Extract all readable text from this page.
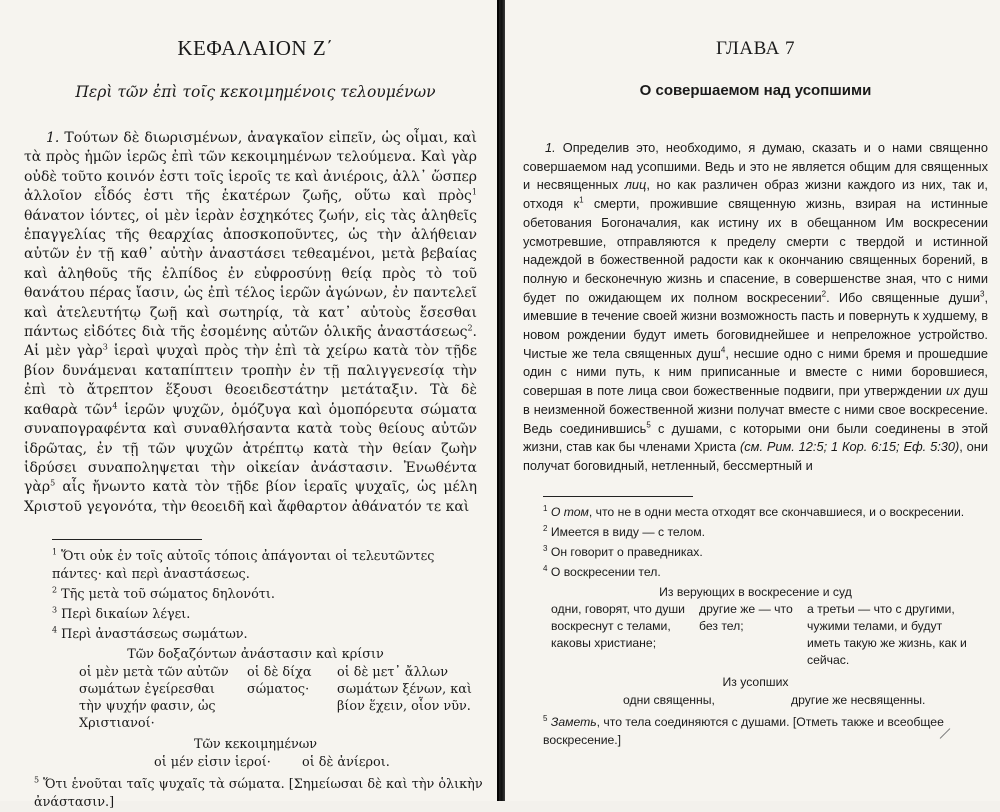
ΚΕΦΑΛΑΙΟΝ Ζ΄
Περὶ τῶν ἐπὶ τοῖς κεκοιμημένοις τελουμένων

1. Τούτων δὲ διωρισμένων, ἀναγκαῖον εἰπεῖν, ὡς οἶμαι, καὶ τὰ πρὸς ἡμῶν ἱερῶς ἐπὶ τῶν κεκοιμημένων τελούμενα. Καὶ γὰρ οὐδὲ τοῦτο κοινόν ἐστι τοῖς ἱεροῖς τε καὶ ἀνιέροις, ἀλλ᾽ ὥσπερ ἀλλοῖον εἶδός ἐστι τῆς ἑκατέρων ζωῆς, οὕτω καὶ πρὸς$^1$ θάνατον ἰόντες, οἱ μὲν ἱερὰν ἐσχηκότες ζωήν, εἰς τὰς ἀληθεῖς ἐπαγγελίας τῆς θεαρχίας ἀποσκοποῦντες, ὡς τὴν ἀλήθειαν αὐτῶν ἐν τῇ καθ᾽ αὐτὴν ἀναστάσει τεθεαμένοι, μετὰ βεβαίας καὶ ἀληθοῦς τῆς ἐλπίδος ἐν εὐφροσύνῃ θείᾳ πρὸς τὸ τοῦ θανάτου πέρας ἴασιν, ὡς ἐπὶ τέλος ἱερῶν ἀγώνων, ἐν παντελεῖ καὶ ἀτελευτήτῳ ζωῇ καὶ σωτηρίᾳ, τὰ κατ᾽ αὐτοὺς ἔσεσθαι πάντως εἰδότες διὰ τῆς ἐσομένης αὐτῶν ὁλικῆς ἀναστάσεως$^2$. Αἱ μὲν γὰρ$^3$ ἱεραὶ ψυχαὶ πρὸς τὴν ἐπὶ τὰ χείρω κατὰ τὸν τῇδε βίον δυνάμεναι καταπίπτειν τροπὴν ἐν τῇ παλιγγενεσίᾳ τὴν ἐπὶ τὸ ἄτρεπτον ἕξουσι θεοειδεστάτην μετάταξιν. Τὰ δὲ καθαρὰ τῶν$^4$ ἱερῶν ψυχῶν, ὁμόζυγα καὶ ὁμοπόρευτα σώματα συναπογραφέντα καὶ συναθλήσαντα κατὰ τοὺς θείους αὐτῶν ἱδρῶτας, ἐν τῇ τῶν ψυχῶν ἀτρέπτῳ κατὰ τὴν θείαν ζωὴν ἱδρύσει συναποληψεται τὴν οἰκείαν ἀνάστασιν. Ἐνωθέντα γὰρ$^5$ αἷς ἤνωντο κατὰ τὸν τῇδε βίον ἱεραῖς ψυχαῖς, ὡς μέλη Χριστοῦ γεγονότα, τὴν θεοειδῆ καὶ ἄφθαρτον ἀθάνατόν τε καὶ

$^1$ Ὅτι οὐκ ἐν τοῖς αὐτοῖς τόποις ἀπάγονται οἱ τελευτῶντες πάντες· καὶ περὶ ἀναστάσεως.

$^2$ Τῆς μετὰ τοῦ σώματος δηλονότι.

$^3$ Περὶ δικαίων λέγει.

$^4$ Περὶ ἀναστάσεως σωμάτων.

Τῶν δοξαζόντων ἀνάστασιν καὶ κρίσιν
οἱ μὲν μετὰ τῶν αὐτῶν σωμάτων ἐγείρεσθαι τὴν ψυχήν φασιν, ὡς Χριστιανοί·
οἱ δὲ δίχα σώματος·
οἱ δὲ μετ᾽ ἄλλων σωμάτων ξένων, καὶ βίον ἕχειν, οἷον νῦν.
Τῶν κεκοιμημένων
οἱ μέν εἰσιν ἱεροί·	οἱ δὲ ἀνίεροι.

$^5$ Ὅτι ἑνοῦται ταῖς ψυχαῖς τὰ σώματα. [Σημείωσαι δὲ καὶ τὴν ὁλικὴν ἀνάστασιν.]

ГЛАВА 7
О совершаемом над усопшими

1. Определив это, необходимо, я думаю, сказать и о нами священно совершаемом над усопшими. Ведь и это не является общим для священных и несвященных лиц, но как различен образ жизни каждого из них, так и, отходя $к^1$ смерти, прожившие священную жизнь, взирая на истинные обетования Богоначалия, как истину их в обещанном Им воскресении усмотревшие, отправляются к пределу смерти с твердой и истинной надеждой в божественной радости как к окончанию священных борений, в полную и бесконечную жизнь и спасение, в совершенстве зная, что с ними будет по ожидающем их полном воскресении$^2$. Ибо священные души$^3$, имевшие в течение своей жизни возможность пасть и повернуть к худшему, в новом рождении будут иметь боговиднейшее и непреложное устройство. Чистые же тела священных душ$^4$, несшие одно с ними бремя и прошедшие один с ними путь, к ним приписанные и вместе с ними боровшиеся, совершая в поте лица свои божественные подвиги, при утверждении их душ в неизменной божественной жизни получат вместе с ними свое воскресение. Ведь соединившись$^5$ с душами, с которыми они были соединены в этой жизни, став как бы членами Христа (см. Рим. 12:5; 1 Кор. 6:15; Еф. 5:30), они получат боговидный, нетленный, бессмертный и

$^1$ О том, что не в одни места отходят все скончавшиеся, и о воскресении.

$^2$ Имеется в виду — с телом.

$^3$ Он говорит о праведниках.

$^4$ О воскресении тел.

Из верующих в воскресение и суд
одни, говорят, что души воскреснут с телами, каковы христиане;
другие же — что без тел;
а третьи — что с другими, чужими телами, и будут иметь такую же жизнь, как и сейчас.
Из усопших
одни священны,	другие же несвященны.

$^5$ Заметь, что тела соединяются с душами. [Отметь также и всеобщее воскресение.]
